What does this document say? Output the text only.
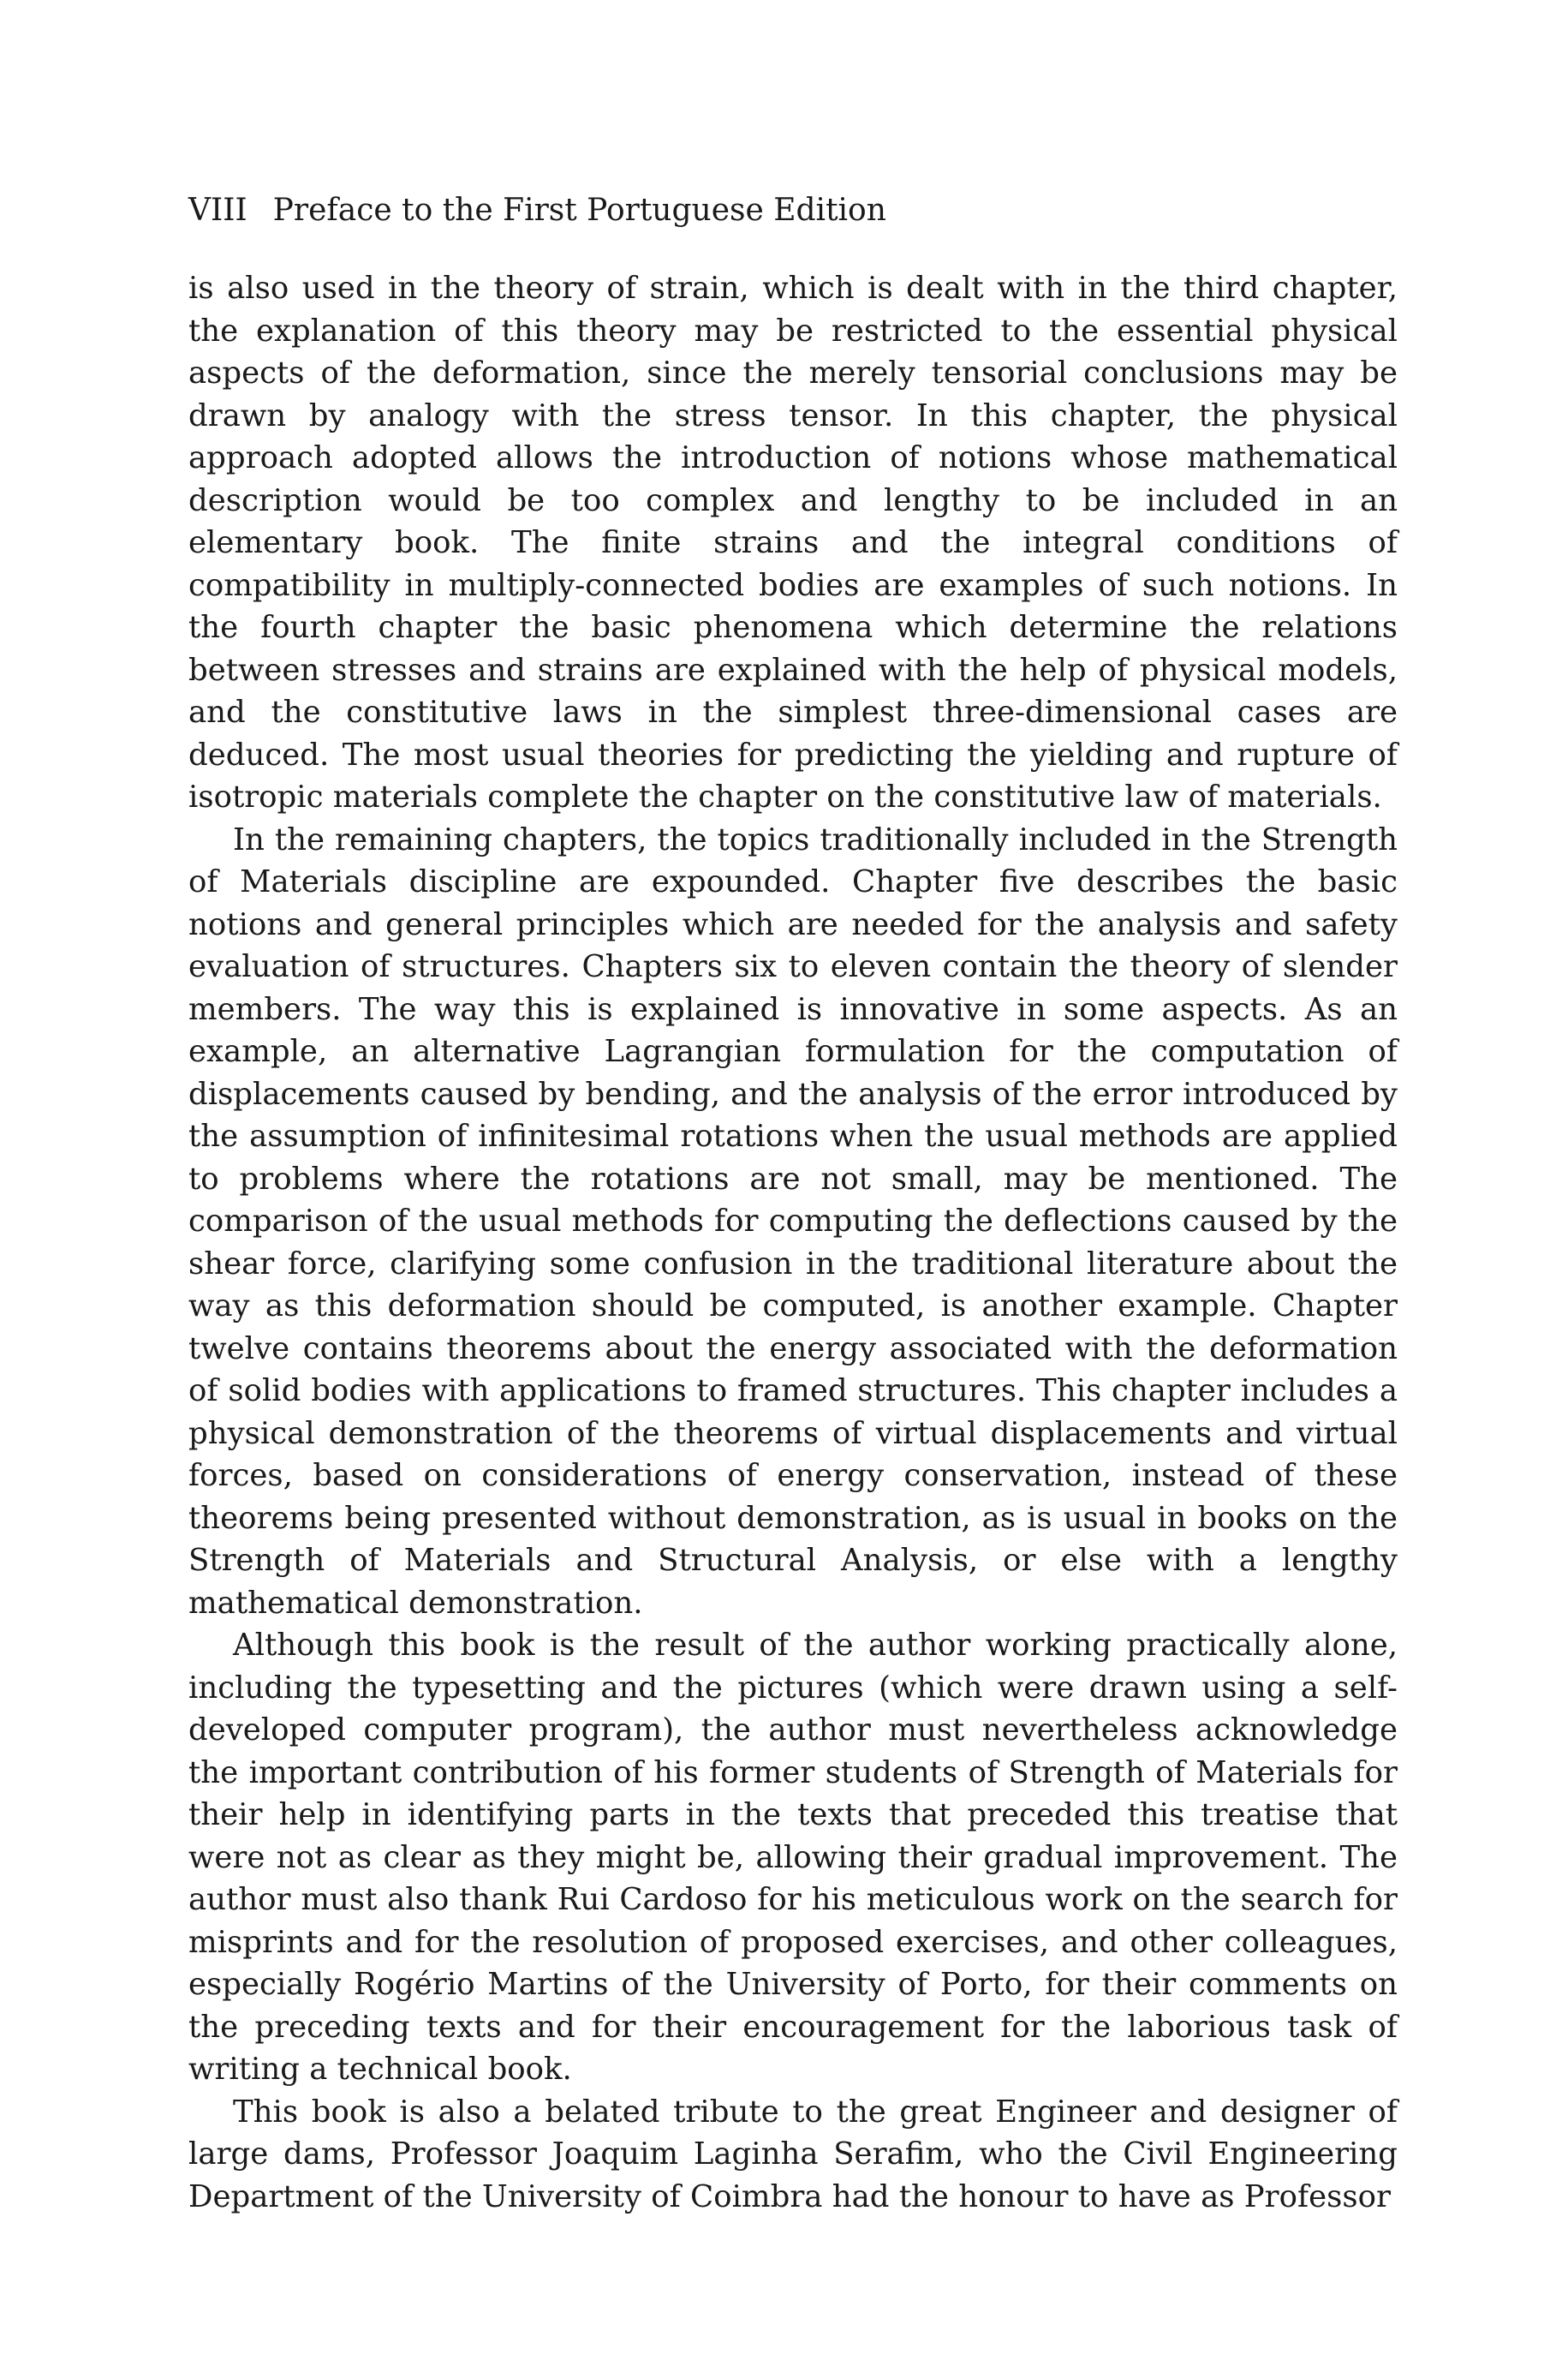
VIII Preface to the First Portuguese Edition

is also used in the theory of strain, which is dealt with in the third chapter, the explanation of this theory may be restricted to the essential physical aspects of the deformation, since the merely tensorial conclusions may be drawn by analogy with the stress tensor. In this chapter, the physical approach adopted allows the introduction of notions whose mathematical description would be too complex and lengthy to be included in an elementary book. The finite strains and the integral conditions of compatibility in multiply-connected bodies are examples of such notions. In the fourth chapter the basic phenomena which determine the relations between stresses and strains are explained with the help of physical models, and the constitutive laws in the simplest three-dimensional cases are deduced. The most usual theories for predicting the yielding and rupture of isotropic materials complete the chapter on the constitutive law of materials.

In the remaining chapters, the topics traditionally included in the Strength of Materials discipline are expounded. Chapter five describes the basic notions and general principles which are needed for the analysis and safety evaluation of structures. Chapters six to eleven contain the theory of slender members. The way this is explained is innovative in some aspects. As an example, an alternative Lagrangian formulation for the computation of displacements caused by bending, and the analysis of the error introduced by the assumption of infinitesimal rotations when the usual methods are applied to problems where the rotations are not small, may be mentioned. The comparison of the usual methods for computing the deflections caused by the shear force, clarifying some confusion in the traditional literature about the way as this deformation should be computed, is another example. Chapter twelve contains theorems about the energy associated with the deformation of solid bodies with applications to framed structures. This chapter includes a physical demonstration of the theorems of virtual displacements and virtual forces, based on considerations of energy conservation, instead of these theorems being presented without demonstration, as is usual in books on the Strength of Materials and Structural Analysis, or else with a lengthy mathematical demonstration.

Although this book is the result of the author working practically alone, including the typesetting and the pictures (which were drawn using a self-developed computer program), the author must nevertheless acknowledge the important contribution of his former students of Strength of Materials for their help in identifying parts in the texts that preceded this treatise that were not as clear as they might be, allowing their gradual improvement. The author must also thank Rui Cardoso for his meticulous work on the search for misprints and for the resolution of proposed exercises, and other colleagues, especially Rogério Martins of the University of Porto, for their comments on the preceding texts and for their encouragement for the laborious task of writing a technical book.

This book is also a belated tribute to the great Engineer and designer of large dams, Professor Joaquim Laginha Serafim, who the Civil Engineering Department of the University of Coimbra had the honour to have as Professor
